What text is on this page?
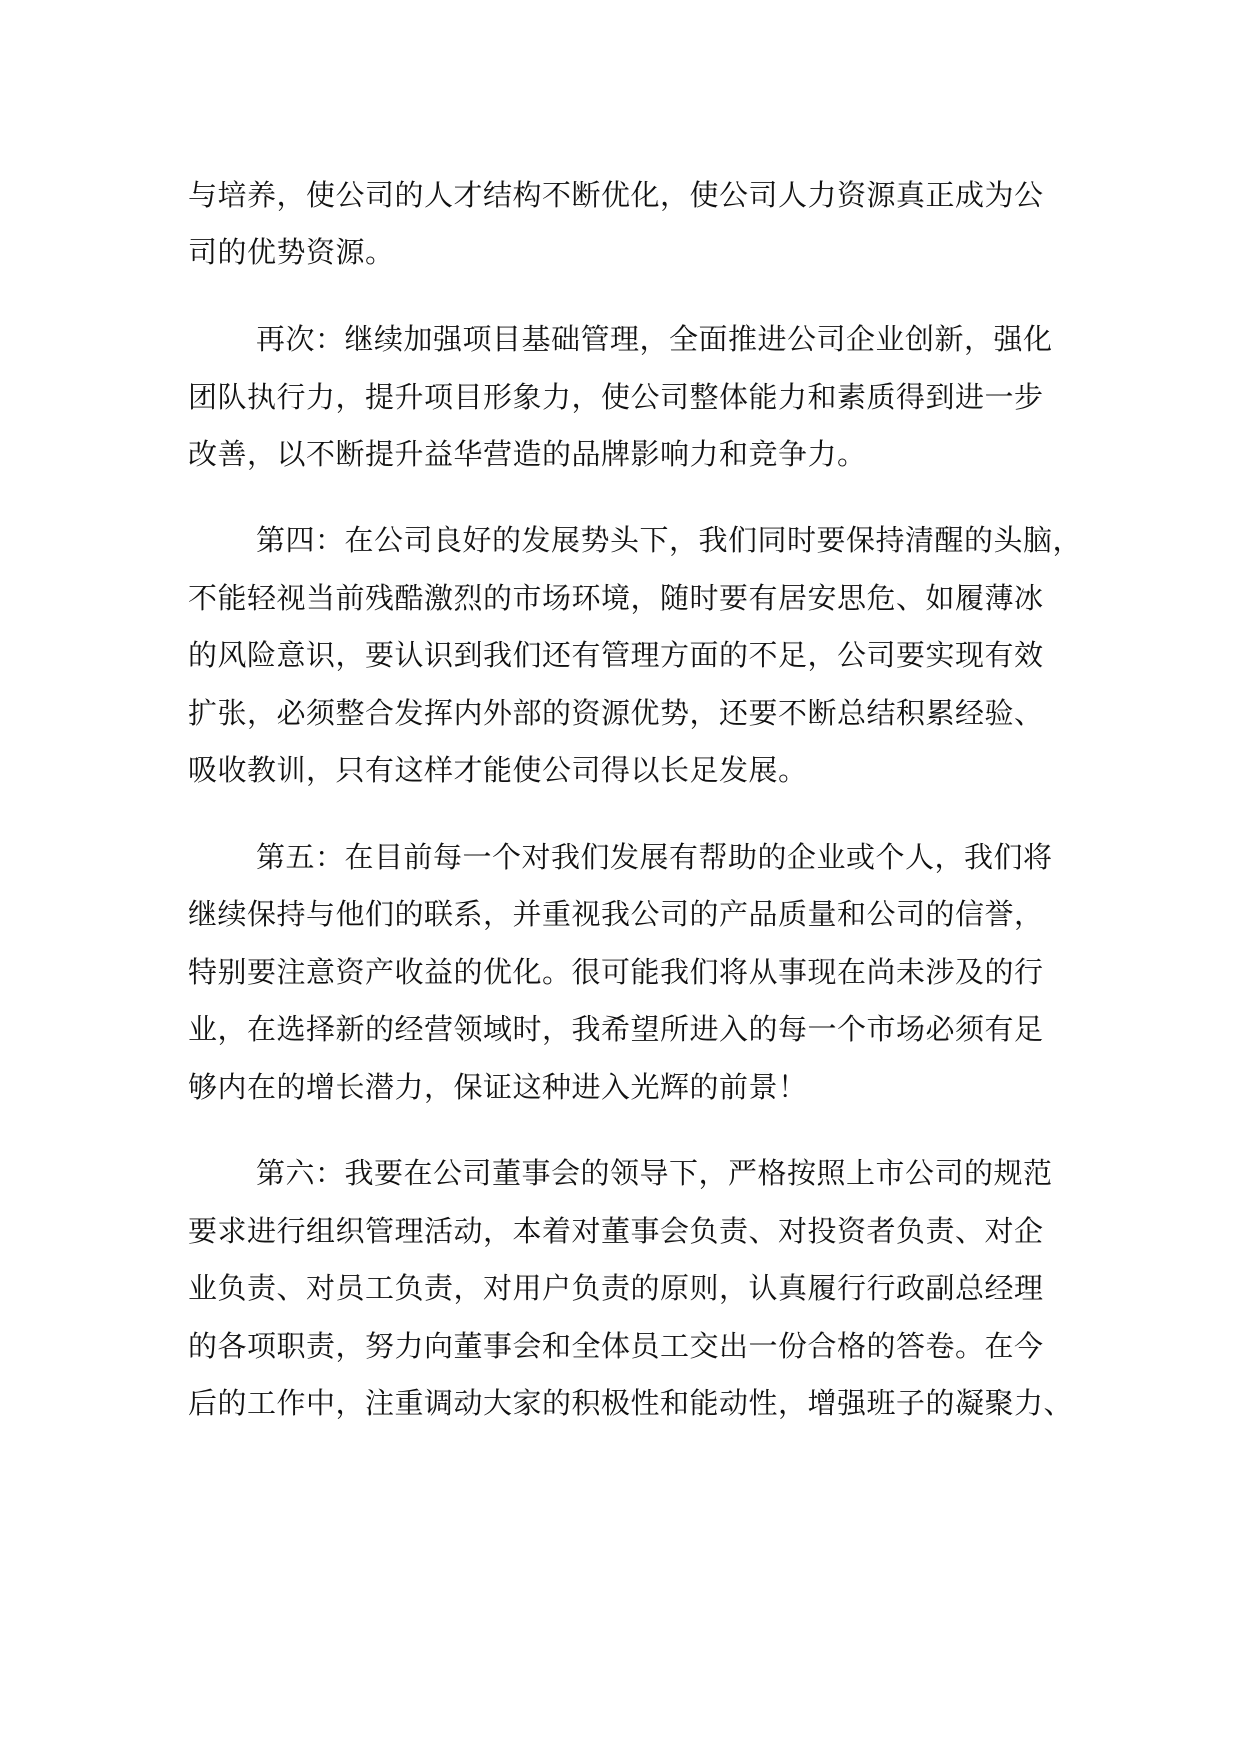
与培养，使公司的人才结构不断优化，使公司人力资源真正成为公
司的优势资源。
再次：继续加强项目基础管理，全面推进公司企业创新，强化
团队执行力，提升项目形象力，使公司整体能力和素质得到进一步
改善，以不断提升益华营造的品牌影响力和竞争力。
第四：在公司良好的发展势头下，我们同时要保持清醒的头脑，
不能轻视当前残酷激烈的市场环境，随时要有居安思危、如履薄冰
的风险意识，要认识到我们还有管理方面的不足，公司要实现有效
扩张，必须整合发挥内外部的资源优势，还要不断总结积累经验、
吸收教训，只有这样才能使公司得以长足发展。
第五：在目前每一个对我们发展有帮助的企业或个人，我们将
继续保持与他们的联系，并重视我公司的产品质量和公司的信誉，
特别要注意资产收益的优化。很可能我们将从事现在尚未涉及的行
业，在选择新的经营领域时，我希望所进入的每一个市场必须有足
够内在的增长潜力，保证这种进入光辉的前景！
第六：我要在公司董事会的领导下，严格按照上市公司的规范
要求进行组织管理活动，本着对董事会负责、对投资者负责、对企
业负责、对员工负责，对用户负责的原则，认真履行行政副总经理
的各项职责，努力向董事会和全体员工交出一份合格的答卷。在今
后的工作中，注重调动大家的积极性和能动性，增强班子的凝聚力、
